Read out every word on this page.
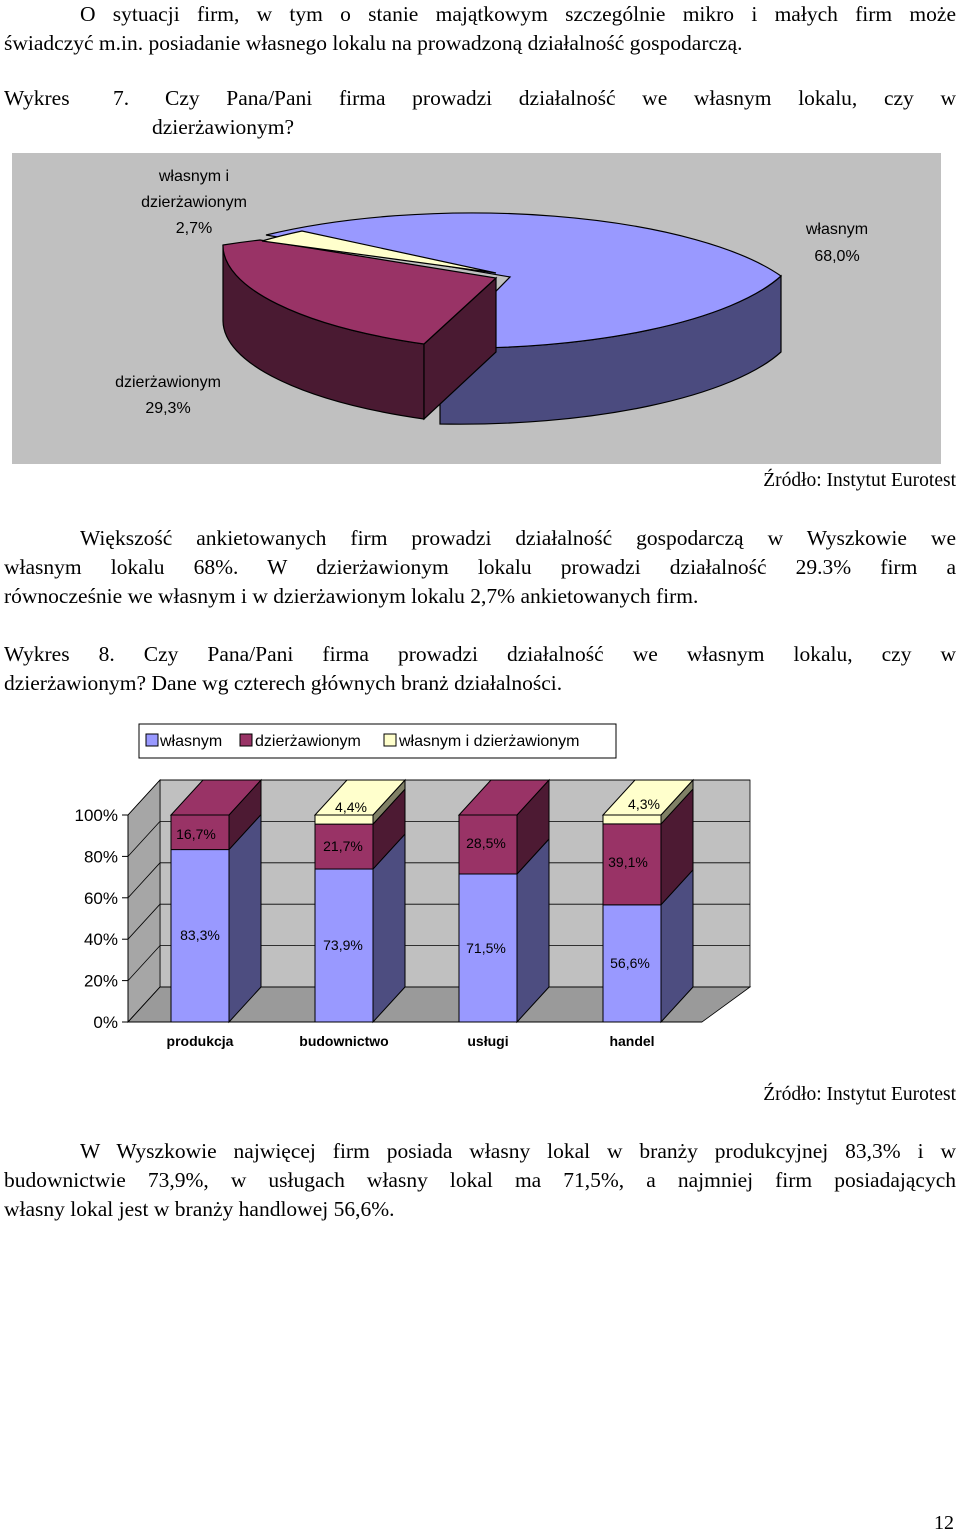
O sytuacji firm, w tym o stanie majątkowym szczególnie mikro i małych firm może
świadczyć m.in. posiadanie własnego lokalu na prowadzoną działalność gospodarczą.
Wykres 7. Czy Pana/Pani firma prowadzi działalność we własnym lokalu, czy w
dzierżawionym?
własnym i
dzierżawionym
2,7%	własnym
68,0%
dzierżawionym
29,3%
Źródło: Instytut Eurotest
Większość ankietowanych firm prowadzi działalność gospodarczą w Wyszkowie we
własnym lokalu 68%. W dzierżawionym lokalu prowadzi działalność 29.3% firm a
równocześnie we własnym i w dzierżawionym lokalu 2,7% ankietowanych firm.
Wykres 8. Czy Pana/Pani firma prowadzi działalność we własnym lokalu, czy w
dzierżawionym? Dane wg czterech głównych branż działalności.
własnym dzierżawionym własnym i dzierżawionym
0%
20%
40%
60%
80%
100%
produkcja	budownictwo	usługi	handel
83,3%
73,9%	71,5%
56,6%
16,7%
21,7%	28,5%
39,1%
4,4%	4,3%
Źródło: Instytut Eurotest
W Wyszkowie najwięcej firm posiada własny lokal w branży produkcyjnej 83,3% i w
budownictwie 73,9%, w usługach własny lokal ma 71,5%, a najmniej firm posiadających
własny lokal jest w branży handlowej 56,6%.
12
